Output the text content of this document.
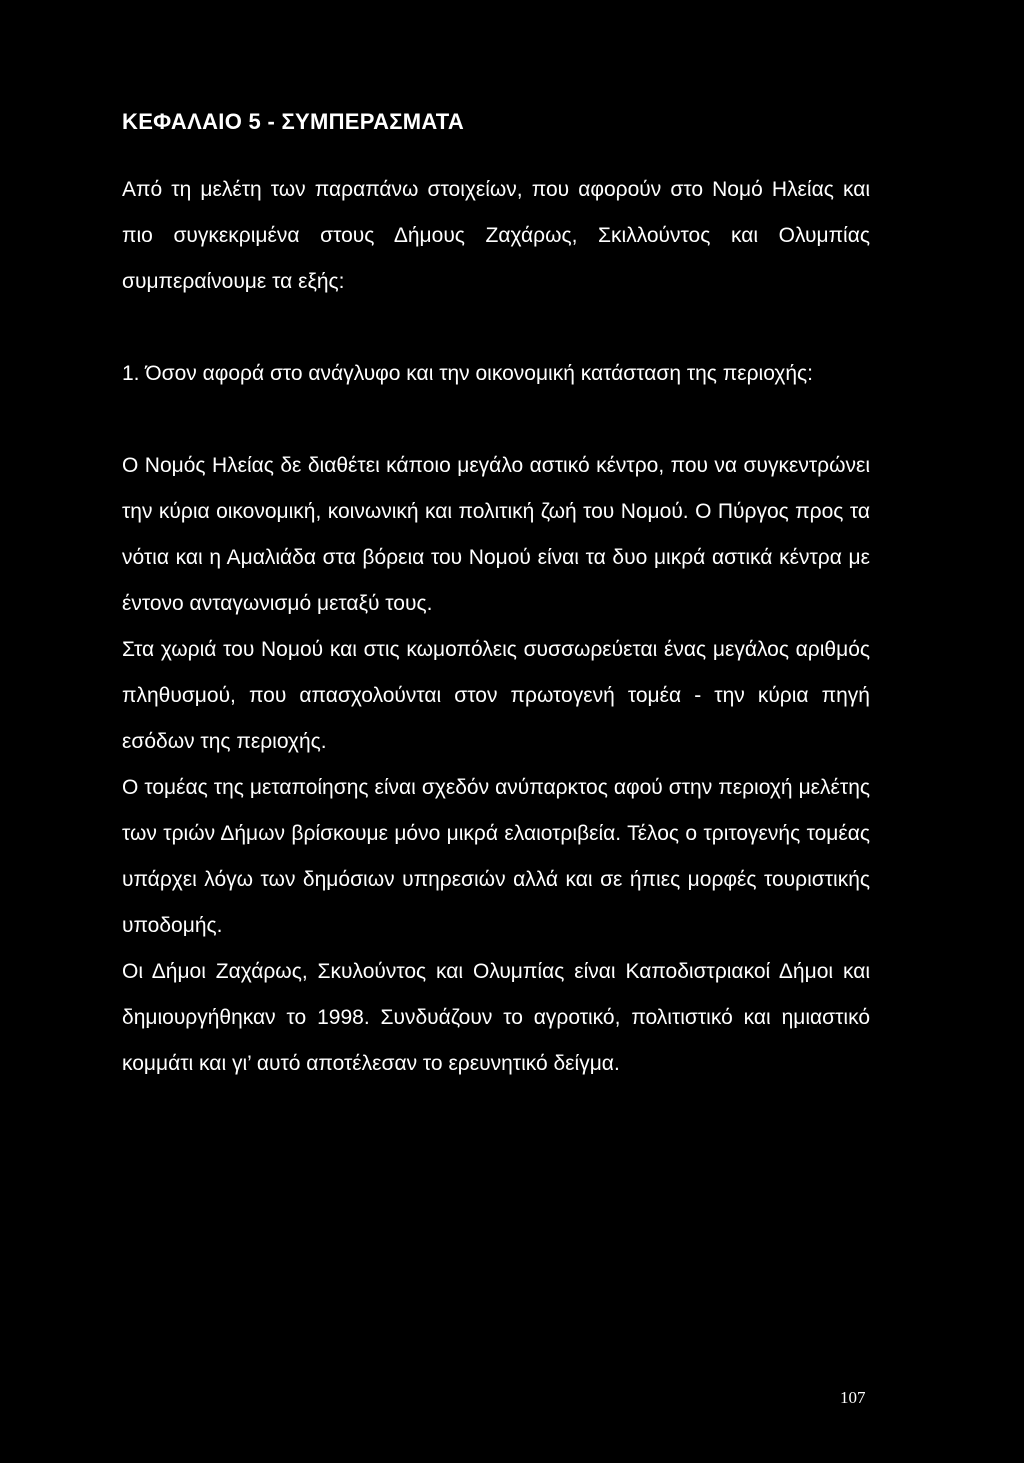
ΚΕΦΑΛΑΙΟ 5 - ΣΥΜΠΕΡΑΣΜΑΤΑ

Από τη μελέτη των παραπάνω στοιχείων, που αφορούν στο Νομό Ηλείας και πιο συγκεκριμένα στους Δήμους Ζαχάρως, Σκιλλούντος και Ολυμπίας συμπεραίνουμε τα εξής:

1. Όσον αφορά στο ανάγλυφο και την οικονομική κατάσταση της περιοχής:

Ο Νομός Ηλείας δε διαθέτει κάποιο μεγάλο αστικό κέντρο, που να συγκεντρώνει την κύρια οικονομική, κοινωνική και πολιτική ζωή του Νομού. Ο Πύργος προς τα νότια και η Αμαλιάδα στα βόρεια του Νομού είναι τα δυο μικρά αστικά κέντρα με έντονο ανταγωνισμό μεταξύ τους.

Στα χωριά του Νομού και στις κωμοπόλεις συσσωρεύεται ένας μεγάλος αριθμός πληθυσμού, που απασχολούνται στον πρωτογενή τομέα - την κύρια πηγή εσόδων της περιοχής.

Ο τομέας της μεταποίησης είναι σχεδόν ανύπαρκτος αφού στην περιοχή μελέτης των τριών Δήμων βρίσκουμε μόνο μικρά ελαιοτριβεία. Τέλος ο τριτογενής τομέας υπάρχει λόγω των δημόσιων υπηρεσιών αλλά και σε ήπιες μορφές τουριστικής υποδομής.

Οι Δήμοι Ζαχάρως, Σκυλούντος και Ολυμπίας είναι Καποδιστριακοί Δήμοι και δημιουργήθηκαν το 1998. Συνδυάζουν το αγροτικό, πολιτιστικό και ημιαστικό κομμάτι και γι’ αυτό αποτέλεσαν το ερευνητικό δείγμα.

107
